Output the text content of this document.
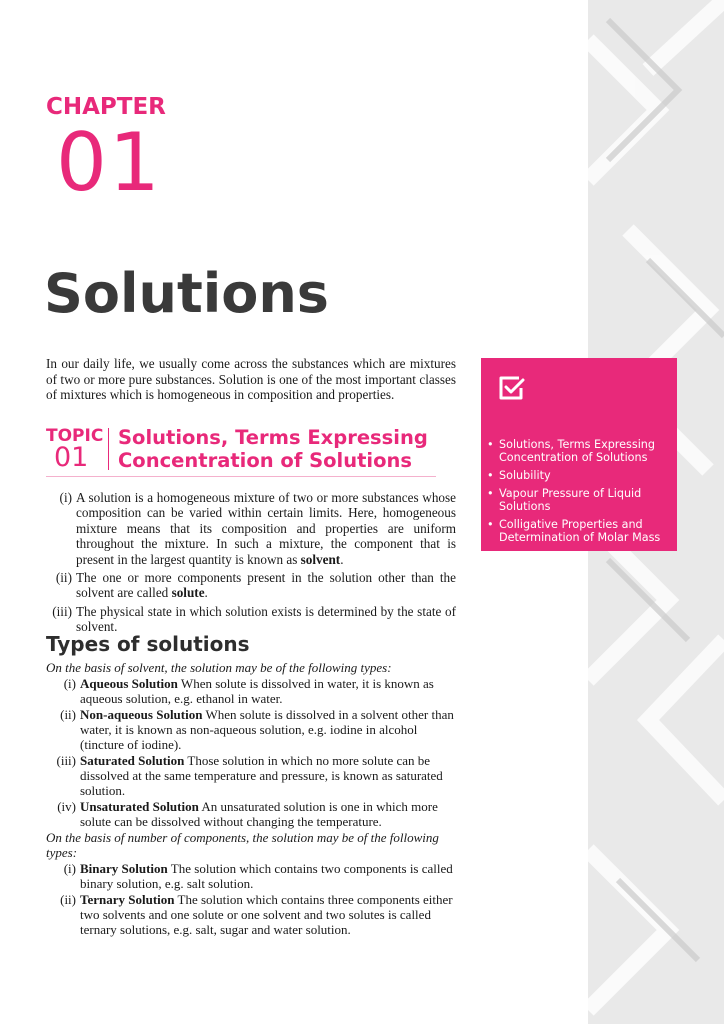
CHAPTER
01
Solutions

In our daily life, we usually come across the substances which are mixtures of two or more pure substances. Solution is one of the most important classes of mixtures which is homogeneous in composition and properties.

TOPIC
01
Solutions, Terms Expressing Concentration of Solutions
(i) A solution is a homogeneous mixture of two or more substances whose composition can be varied within certain limits. Here, homogeneous mixture means that its composition and properties are uniform throughout the mixture. In such a mixture, the component that is present in the largest quantity is known as solvent.
(ii) The one or more components present in the solution other than the solvent are called solute.
(iii) The physical state in which solution exists is determined by the state of solvent.
Types of solutions

On the basis of solvent, the solution may be of the following types:

(i) Aqueous Solution When solute is dissolved in water, it is known as aqueous solution, e.g. ethanol in water.
(ii) Non-aqueous Solution When solute is dissolved in a solvent other than water, it is known as non-aqueous solution, e.g. iodine in alcohol (tincture of iodine).
(iii) Saturated Solution Those solution in which no more solute can be dissolved at the same temperature and pressure, is known as saturated solution.
(iv) Unsaturated Solution An unsaturated solution is one in which more solute can be dissolved without changing the temperature.

On the basis of number of components, the solution may be of the following types:

(i) Binary Solution The solution which contains two components is called binary solution, e.g. salt solution.
(ii) Ternary Solution The solution which contains three components either two solvents and one solute or one solvent and two solutes is called ternary solutions, e.g. salt, sugar and water solution.
• Solutions, Terms Expressing Concentration of Solutions
• Solubility
• Vapour Pressure of Liquid Solutions
• Colligative Properties and Determination of Molar Mass
